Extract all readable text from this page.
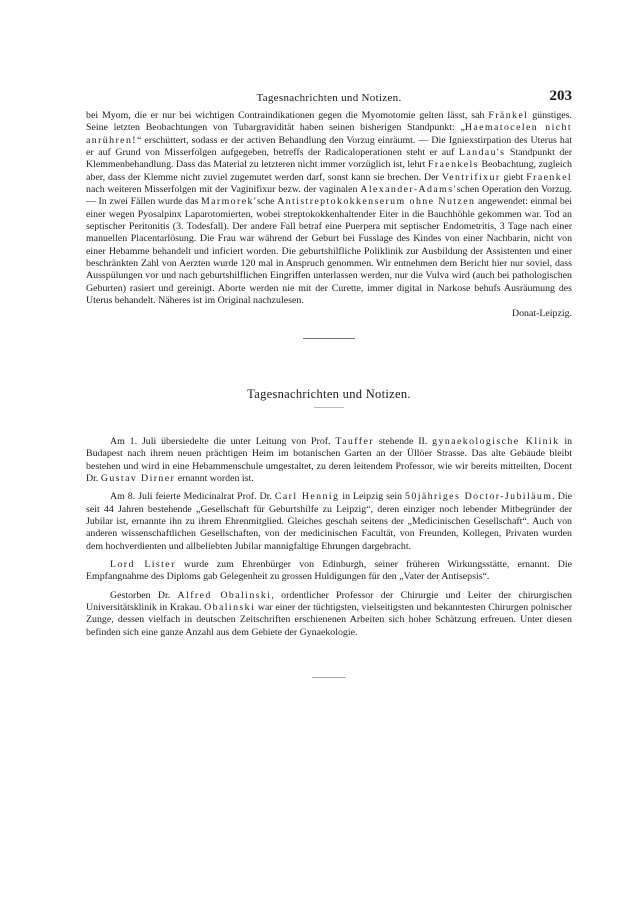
Tagesnachrichten und Notizen.	203

bei Myom, die er nur bei wichtigen Contraindikationen gegen die Myomotomie gelten lässt, sah Fränkel günstiges. Seine letzten Beobachtungen von Tubargravidität haben seinen bisherigen Standpunkt: „Haematocelen nicht anrühren!“ erschüttert, sodass er der activen Behandlung den Vorzug einräumt. — Die Igniexstirpation des Uterus hat er auf Grund von Misserfolgen aufgegeben, betreffs der Radicaloperationen steht er auf Landau's Standpunkt der Klemmenbehandlung. Dass das Material zu letzteren nicht immer vorzüglich ist, lehrt Fraenkels Beobachtung, zugleich aber, dass der Klemme nicht zuviel zugemutet werden darf, sonst kann sie brechen. Der Ventrifixur giebt Fraenkel nach weiteren Misserfolgen mit der Vaginifixur bezw. der vaginalen Alexander-Adams'schen Operation den Vorzug. — In zwei Fällen wurde das Marmorek'sche Antistreptokokkenserum ohne Nutzen angewendet: einmal bei einer wegen Pyosalpinx Laparotomierten, wobei streptokokkenhaltender Eiter in die Bauchhöhle gekommen war. Tod an septischer Peritonitis (3. Todesfall). Der andere Fall betraf eine Puerpera mit septischer Endometritis, 3 Tage nach einer manuellen Placentarlösung. Die Frau war während der Geburt bei Fusslage des Kindes von einer Nachbarin, nicht von einer Hebamme behandelt und inficiert worden. Die geburtshilfliche Poliklinik zur Ausbildung der Assistenten und einer beschränkten Zahl von Aerzten wurde 120 mal in Anspruch genommen. Wir entnehmen dem Bericht hier nur soviel, dass Ausspülungen vor und nach geburtshilflichen Eingriffen unterlassen werden, nur die Vulva wird (auch bei pathologischen Geburten) rasiert und gereinigt. Aborte werden nie mit der Curette, immer digital in Narkose behufs Ausräumung des Uterus behandelt. Näheres ist im Original nachzulesen.

Donat-Leipzig.
Tagesnachrichten und Notizen.

Am 1. Juli übersiedelte die unter Leitung von Prof. Tauffer stehende II. gynaekologische Klinik in Budapest nach ihrem neuen prächtigen Heim im botanischen Garten an der Üllöer Strasse. Das alte Gebäude bleibt bestehen und wird in eine Hebammenschule umgestaltet, zu deren leitendem Professor, wie wir bereits mitteilten, Docent Dr. Gustav Dirner ernannt worden ist.

Am 8. Juli feierte Medicinalrat Prof. Dr. Carl Hennig in Leipzig sein 50jähriges Doctor-Jubiläum. Die seit 44 Jahren bestehende „Gesellschaft für Geburtshilfe zu Leipzig“, deren einziger noch lebender Mitbegründer der Jubilar ist, ernannte ihn zu ihrem Ehrenmitglied. Gleiches geschah seitens der „Medicinischen Gesellschaft“. Auch von anderen wissenschaftlichen Gesellschaften, von der medicinischen Facultät, von Freunden, Kollegen, Privaten wurden dem hochverdienten und allbeliebten Jubilar mannigfaltige Ehrungen dargebracht.

Lord Lister wurde zum Ehrenbürger von Edinburgh, seiner früheren Wirkungsstätte, ernannt. Die Empfangnahme des Diploms gab Gelegenheit zu grossen Huldigungen für den „Vater der Antisepsis“.

Gestorben Dr. Alfred Obalinski, ordentlicher Professor der Chirurgie und Leiter der chirurgischen Universitätsklinik in Krakau. Obalinski war einer der tüchtigsten, vielseitigsten und bekanntesten Chirurgen polnischer Zunge, dessen vielfach in deutschen Zeitschriften erschienenen Arbeiten sich hoher Schätzung erfreuen. Unter diesen befinden sich eine ganze Anzahl aus dem Gebiete der Gynaekologie.
